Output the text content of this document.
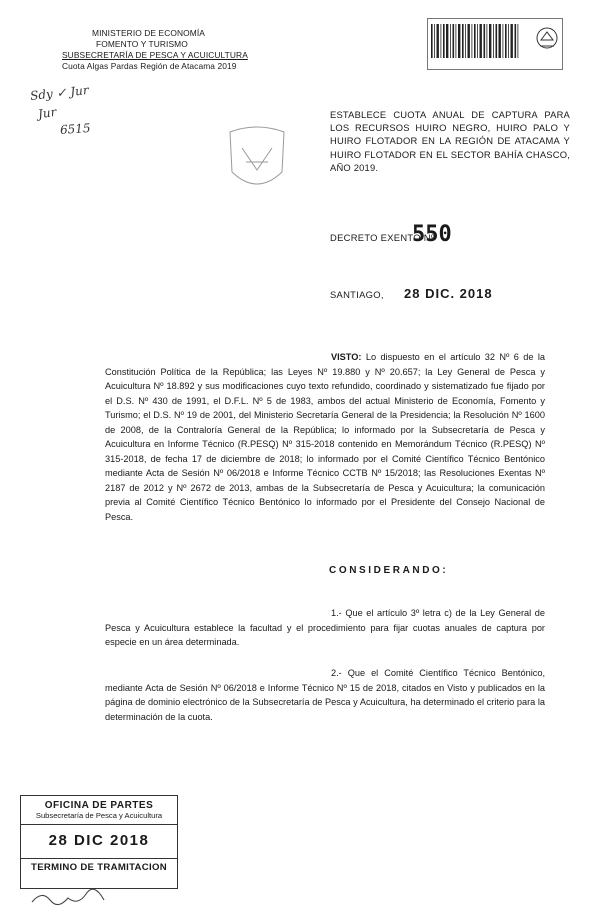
MINISTERIO DE ECONOMÍA
FOMENTO Y TURISMO
SUBSECRETARÍA DE PESCA Y ACUICULTURA
Cuota Algas Pardas Región de Atacama 2019
Sdy ✓ Jur
Jur
6515
ESTABLECE CUOTA ANUAL DE CAPTURA PARA LOS RECURSOS HUIRO NEGRO, HUIRO PALO Y HUIRO FLOTADOR EN LA REGIÓN DE ATACAMA Y HUIRO FLOTADOR EN EL SECTOR BAHÍA CHASCO, AÑO 2019.
DECRETO EXENTO Nº
550
SANTIAGO, 28 DIC. 2018
VISTO: Lo dispuesto en el artículo 32 Nº 6 de la Constitución Política de la República; las Leyes Nº 19.880 y Nº 20.657; la Ley General de Pesca y Acuicultura Nº 18.892 y sus modificaciones cuyo texto refundido, coordinado y sistematizado fue fijado por el D.S. Nº 430 de 1991, el D.F.L. Nº 5 de 1983, ambos del actual Ministerio de Economía, Fomento y Turismo; el D.S. Nº 19 de 2001, del Ministerio Secretaría General de la Presidencia; la Resolución Nº 1600 de 2008, de la Contraloría General de la República; lo informado por la Subsecretaría de Pesca y Acuicultura en Informe Técnico (R.PESQ) Nº 315-2018 contenido en Memorándum Técnico (R.PESQ) Nº 315-2018, de fecha 17 de diciembre de 2018; lo informado por el Comité Científico Técnico Bentónico mediante Acta de Sesión Nº 06/2018 e Informe Técnico CCTB Nº 15/2018; las Resoluciones Exentas Nº 2187 de 2012 y Nº 2672 de 2013, ambas de la Subsecretaría de Pesca y Acuicultura; la comunicación previa al Comité Científico Técnico Bentónico lo informado por el Presidente del Consejo Nacional de Pesca.
CONSIDERANDO:
1.- Que el artículo 3º letra c) de la Ley General de Pesca y Acuicultura establece la facultad y el procedimiento para fijar cuotas anuales de captura por especie en un área determinada.
2.- Que el Comité Científico Técnico Bentónico, mediante Acta de Sesión Nº 06/2018 e Informe Técnico Nº 15 de 2018, citados en Visto y publicados en la página de dominio electrónico de la Subsecretaría de Pesca y Acuicultura, ha determinado el criterio para la determinación de la cuota.
OFICINA DE PARTES
Subsecretaría de Pesca y Acuicultura
28 DIC 2018
TERMINO DE TRAMITACION
